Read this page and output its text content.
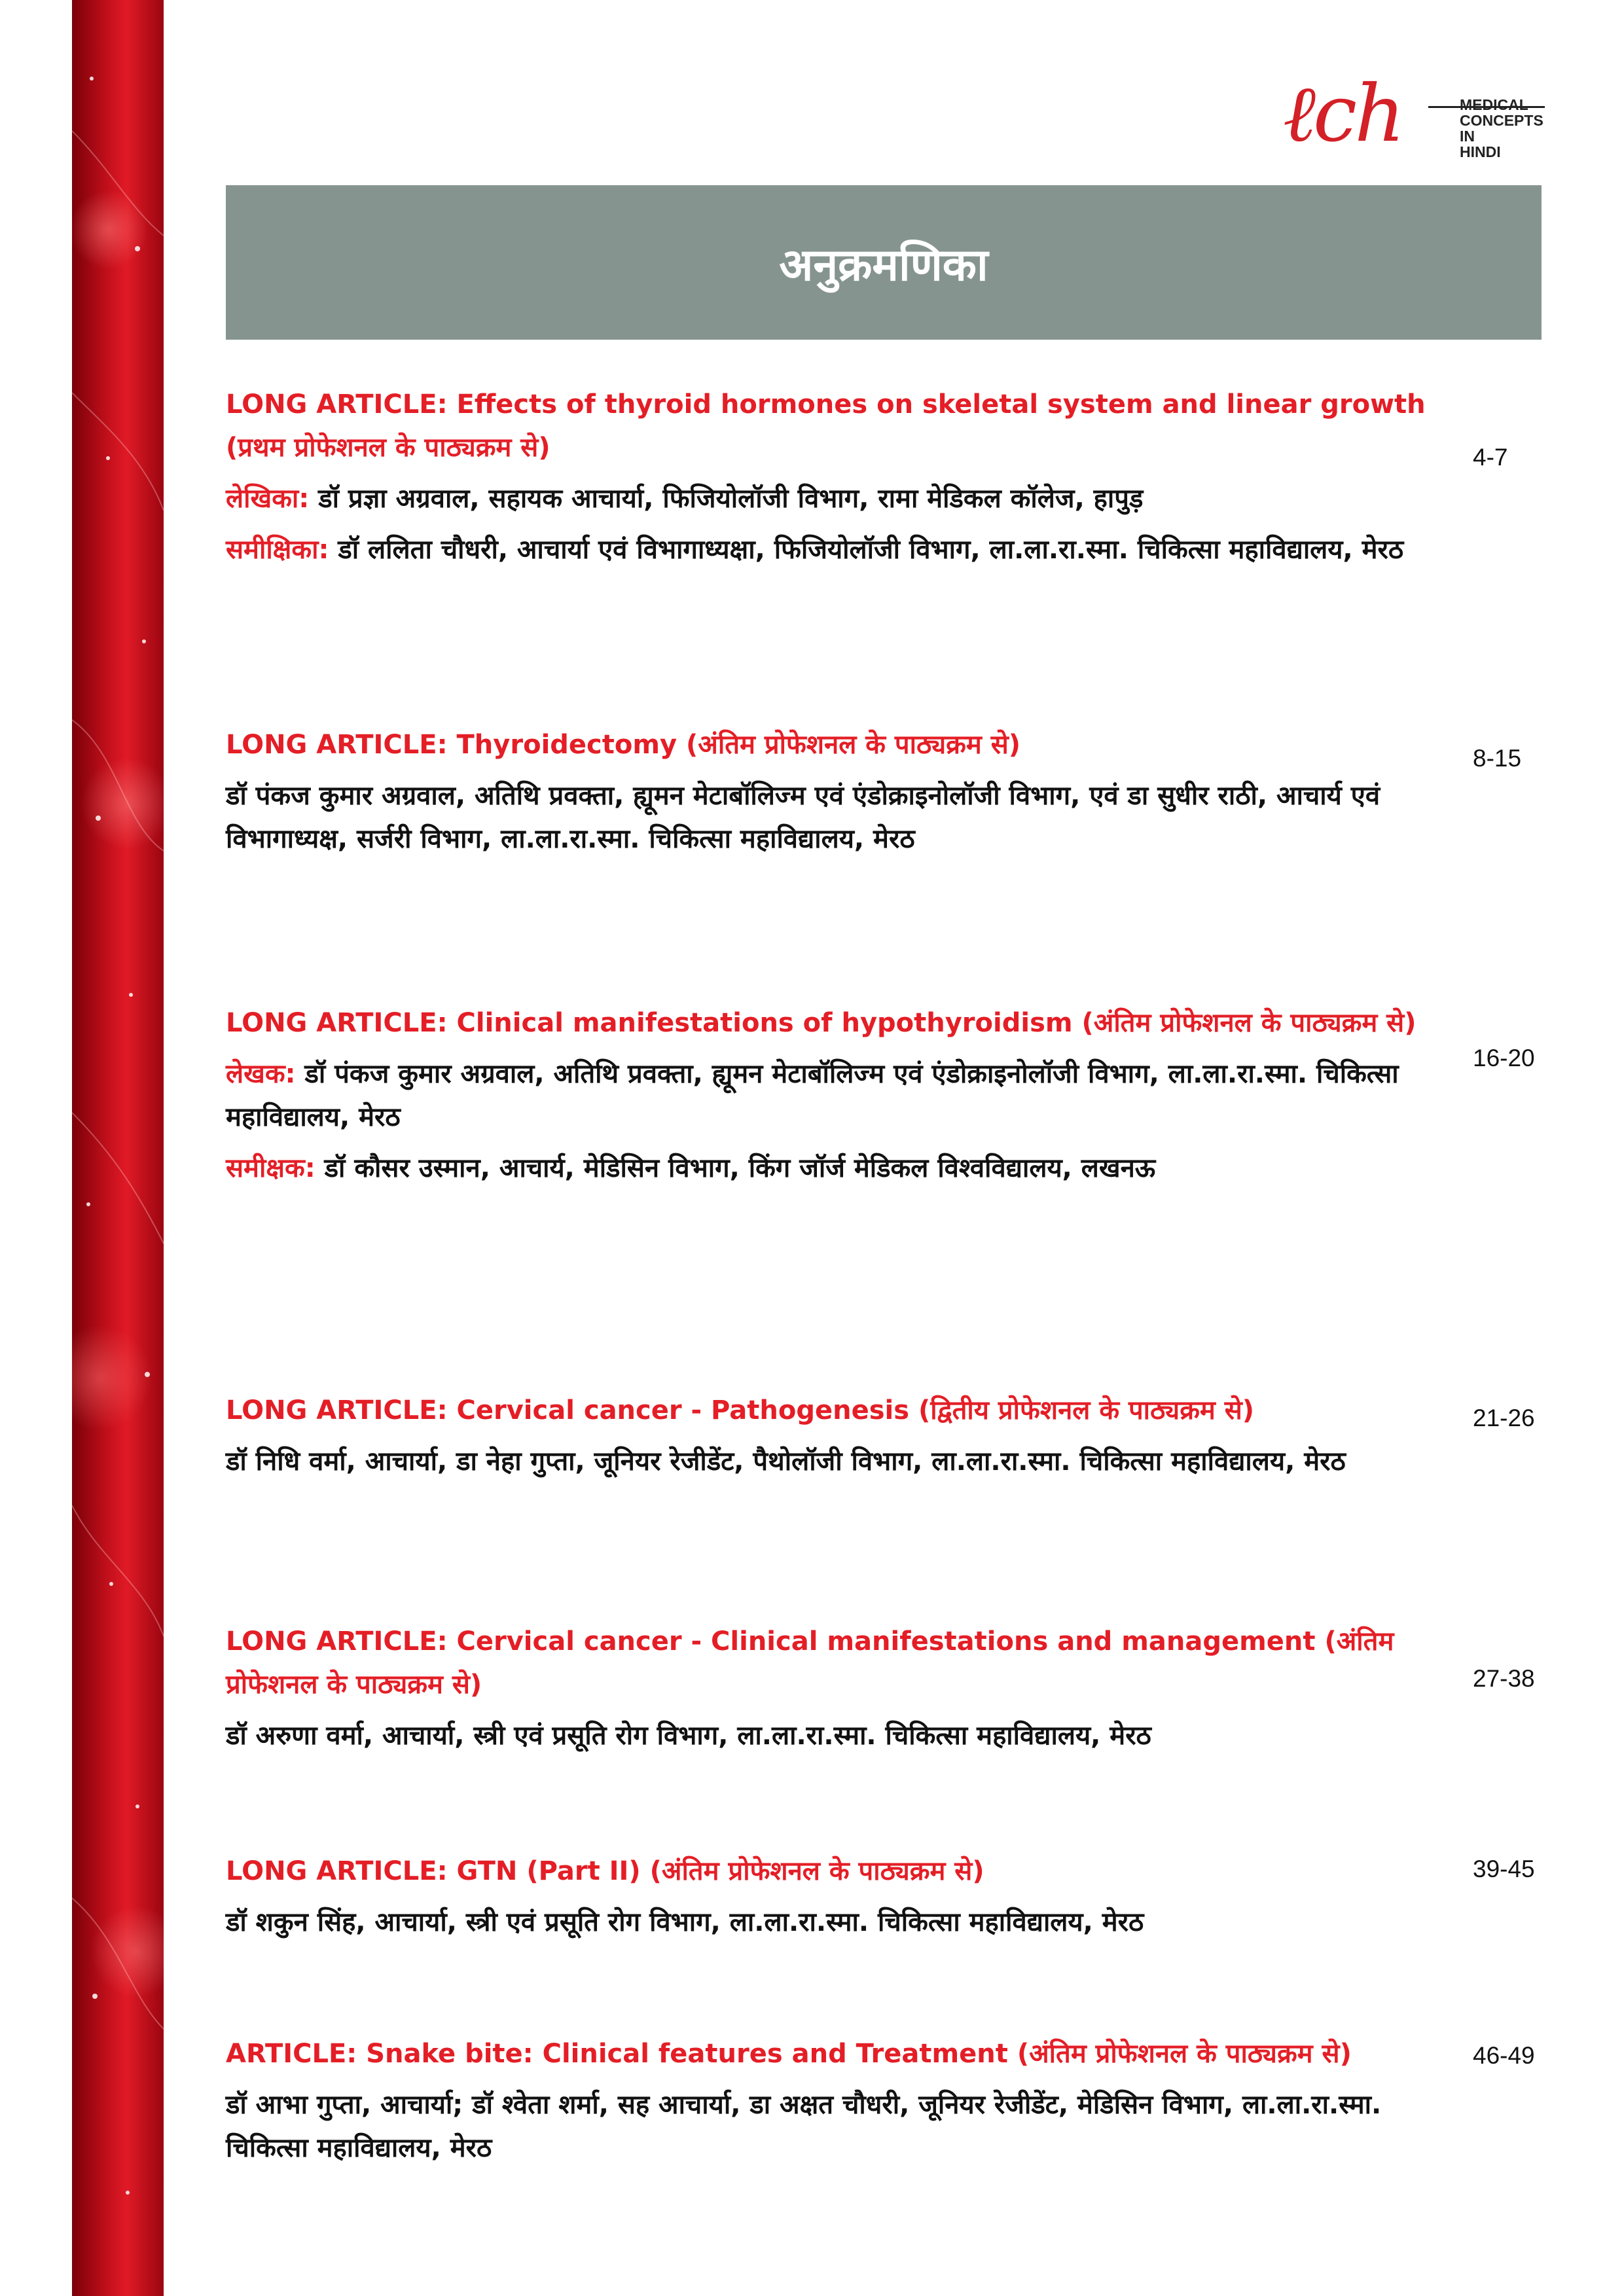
ℓcℎ	MEDICAL
CONCEPTS IN
HINDI
अनुक्रमणिका
LONG ARTICLE: Effects of thyroid hormones on skeletal system and linear growth (प्रथम प्रोफेशनल के पाठ्यक्रम से)
लेखिका: डॉ प्रज्ञा अग्रवाल, सहायक आचार्या, फिजियोलॉजी विभाग, रामा मेडिकल कॉलेज, हापुड़
समीक्षिका: डॉ ललिता चौधरी, आचार्या एवं विभागाध्यक्षा, फिजियोलॉजी विभाग, ला.ला.रा.स्मा. चिकित्सा महाविद्यालय, मेरठ
4-7
LONG ARTICLE: Thyroidectomy (अंतिम प्रोफेशनल के पाठ्यक्रम से)
डॉ पंकज कुमार अग्रवाल, अतिथि प्रवक्ता, ह्यूमन मेटाबॉलिज्म एवं एंडोक्राइनोलॉजी विभाग, एवं डा सुधीर राठी, आचार्य एवं विभागाध्यक्ष, सर्जरी विभाग, ला.ला.रा.स्मा. चिकित्सा महाविद्यालय, मेरठ
8-15
LONG ARTICLE: Clinical manifestations of hypothyroidism (अंतिम प्रोफेशनल के पाठ्यक्रम से)
लेखक: डॉ पंकज कुमार अग्रवाल, अतिथि प्रवक्ता, ह्यूमन मेटाबॉलिज्म एवं एंडोक्राइनोलॉजी विभाग, ला.ला.रा.स्मा. चिकित्सा महाविद्यालय, मेरठ
समीक्षक: डॉ कौसर उस्मान, आचार्य, मेडिसिन विभाग, किंग जॉर्ज मेडिकल विश्वविद्यालय, लखनऊ
16-20
LONG ARTICLE: Cervical cancer - Pathogenesis (द्वितीय प्रोफेशनल के पाठ्यक्रम से)
डॉ निधि वर्मा, आचार्या, डा नेहा गुप्ता, जूनियर रेजीडेंट, पैथोलॉजी विभाग, ला.ला.रा.स्मा. चिकित्सा महाविद्यालय, मेरठ
21-26
LONG ARTICLE: Cervical cancer - Clinical manifestations and management (अंतिम प्रोफेशनल के पाठ्यक्रम से)
डॉ अरुणा वर्मा, आचार्या, स्त्री एवं प्रसूति रोग विभाग, ला.ला.रा.स्मा. चिकित्सा महाविद्यालय, मेरठ
27-38
LONG ARTICLE: GTN (Part II) (अंतिम प्रोफेशनल के पाठ्यक्रम से)
डॉ शकुन सिंह, आचार्या, स्त्री एवं प्रसूति रोग विभाग, ला.ला.रा.स्मा. चिकित्सा महाविद्यालय, मेरठ
39-45
ARTICLE: Snake bite: Clinical features and Treatment (अंतिम प्रोफेशनल के पाठ्यक्रम से)
डॉ आभा गुप्ता, आचार्या; डॉ श्वेता शर्मा, सह आचार्या, डा अक्षत चौधरी, जूनियर रेजीडेंट, मेडिसिन विभाग, ला.ला.रा.स्मा. चिकित्सा महाविद्यालय, मेरठ
46-49
